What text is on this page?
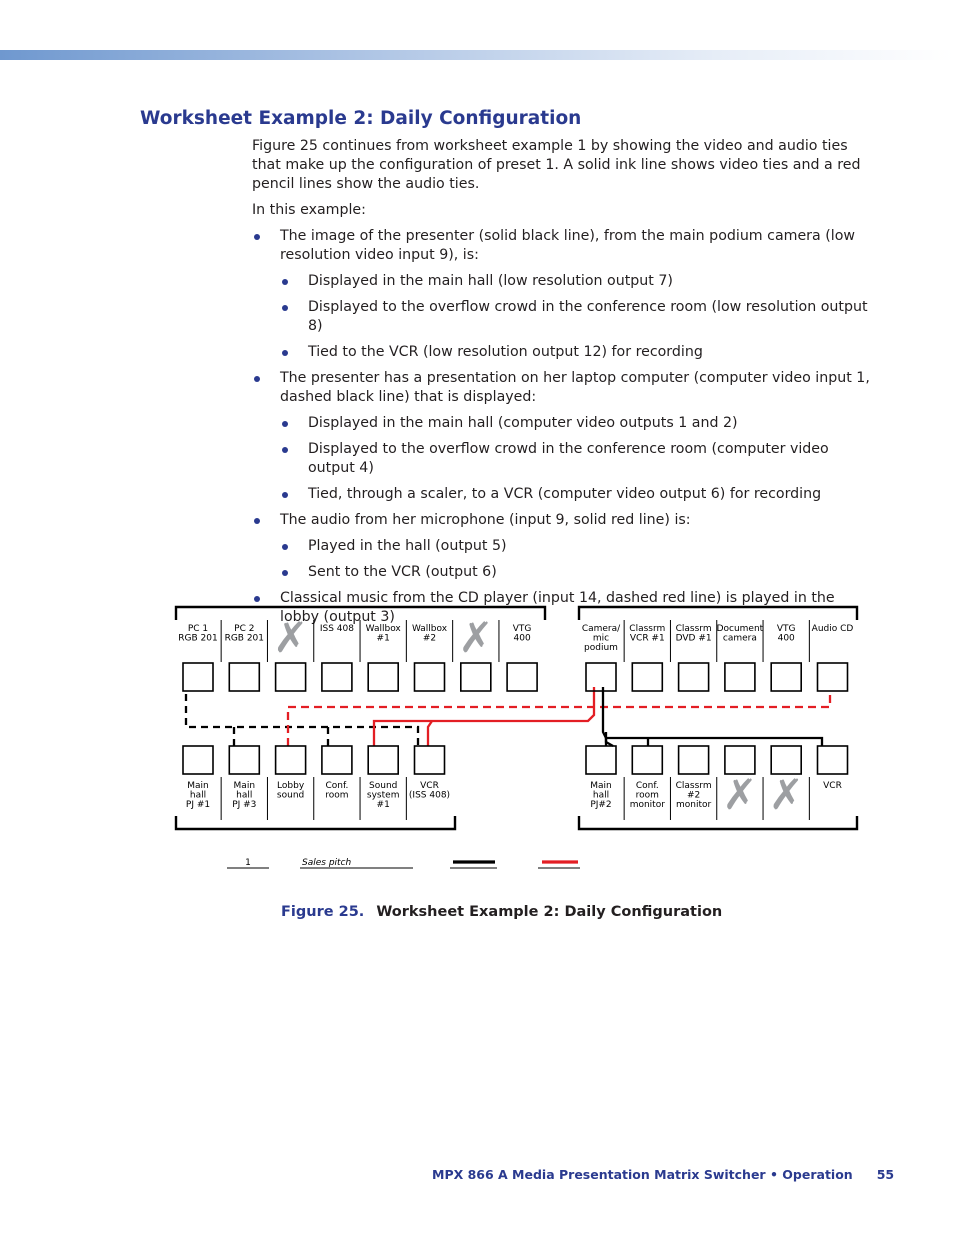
Worksheet Example 2: Daily Configuration

Figure 25 continues from worksheet example 1 by showing the video and audio ties that make up the configuration of preset 1. A solid ink line shows video ties and a red pencil lines show the audio ties.

In this example:

The image of the presenter (solid black line), from the main podium camera (low resolution video input 9), is:
Displayed in the main hall (low resolution output 7)
Displayed to the overflow crowd in the conference room (low resolution output 8)
Tied to the VCR (low resolution output 12) for recording
The presenter has a presentation on her laptop computer (computer video input 1, dashed black line) that is displayed:
Displayed in the main hall (computer video outputs 1 and 2)
Displayed to the overflow crowd in the conference room (computer video output 4)
Tied, through a scaler, to a VCR (computer video output 6) for recording
The audio from her microphone (input 9, solid red line) is:
Played in the hall (output 5)
Sent to the VCR (output 6)
Classical music from the CD player (input 14, dashed red line) is played in the lobby (output 3)
PC 1 RGB 201
PC 2 RGB 201 ✗ ISS 408 Wallbox #1
Wallbox #2 ✗ VTG 400
Camera/ mic podium
Classrm VCR #1
Classrm DVD #1
Document camera
VTG 400
Audio CD
Main hall PJ #1
Main hall PJ #3
Lobby sound
Conf. room
Sound system #1
VCR (ISS 408)
Main hall PJ#2
Conf. room monitor
Classrm #2 monitor ✗ ✗ VCR
1	Sales pitch
Figure 25. Worksheet Example 2: Daily Configuration
MPX 866 A Media Presentation Matrix Switcher • Operation 55
